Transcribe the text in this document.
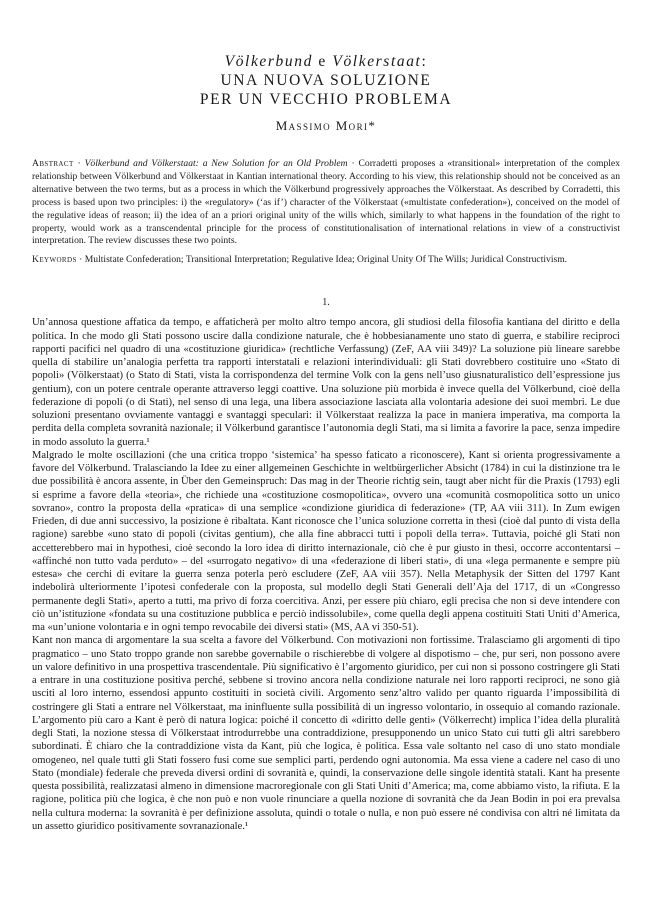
Völkerbund e Völkerstaat:
UNA NUOVA SOLUZIONE
PER UN VECCHIO PROBLEMA
Massimo Mori*
Abstract · Völkerbund and Völkerstaat: a New Solution for an Old Problem · Corradetti proposes a «transitional» interpretation of the complex relationship between Völkerbund and Völkerstaat in Kantian international theory. According to his view, this relationship should not be conceived as an alternative between the two terms, but as a process in which the Völkerbund progressively approaches the Völkerstaat. As described by Corradetti, this process is based upon two principles: i) the «regulatory» (‘as if’) character of the Völkerstaat («multistate confederation»), conceived on the model of the regulative ideas of reason; ii) the idea of an a priori original unity of the wills which, similarly to what happens in the foundation of the right to property, would work as a transcendental principle for the process of constitutionalisation of international relations in view of a constructivist interpretation. The review discusses these two points.
Keywords · Multistate Confederation; Transitional Interpretation; Regulative Idea; Original Unity Of The Wills; Juridical Constructivism.
1.

Un’annosa questione affatica da tempo, e affaticherà per molto altro tempo ancora, gli studiosi della filosofia kantiana del diritto e della politica. In che modo gli Stati possono uscire dalla condizione naturale, che è hobbesianamente uno stato di guerra, e stabilire reciproci rapporti pacifici nel quadro di una «costituzione giuridica» (rechtliche Verfassung) (ZeF, AA viii 349)? La soluzione più lineare sarebbe quella di stabilire un’analogia perfetta tra rapporti interstatali e relazioni interindividuali: gli Stati dovrebbero costituire uno «Stato di popoli» (Völkerstaat) (o Stato di Stati, vista la corrispondenza del termine Volk con la gens nell’uso giusnaturalistico dell’espressione jus gentium), con un potere centrale operante attraverso leggi coattive. Una soluzione più morbida è invece quella del Völkerbund, cioè della federazione di popoli (o di Stati), nel senso di una lega, una libera associazione lasciata alla volontaria adesione dei suoi membri. Le due soluzioni presentano ovviamente vantaggi e svantaggi speculari: il Völkerstaat realizza la pace in maniera imperativa, ma comporta la perdita della completa sovranità nazionale; il Völkerbund garantisce l’autonomia degli Stati, ma si limita a favorire la pace, senza impedire in modo assoluto la guerra.¹

Malgrado le molte oscillazioni (che una critica troppo ‘sistemica’ ha spesso faticato a riconoscere), Kant si orienta progressivamente a favore del Völkerbund. Tralasciando la Idee zu einer allgemeinen Geschichte in weltbürgerlicher Absicht (1784) in cui la distinzione tra le due possibilità è ancora assente, in Über den Gemeinspruch: Das mag in der Theorie richtig sein, taugt aber nicht für die Praxis (1793) egli si esprime a favore della «teoria», che richiede una «costituzione cosmopolitica», ovvero una «comunità cosmopolitica sotto un unico sovrano», contro la proposta della «pratica» di una semplice «condizione giuridica di federazione» (TP, AA viii 311). In Zum ewigen Frieden, di due anni successivo, la posizione è ribaltata. Kant riconosce che l’unica soluzione corretta in thesi (cioè dal punto di vista della ragione) sarebbe «uno stato di popoli (civitas gentium), che alla fine abbracci tutti i popoli della terra». Tuttavia, poiché gli Stati non accetterebbero mai in hypothesi, cioè secondo la loro idea di diritto internazionale, ciò che è pur giusto in thesi, occorre accontentarsi – «affinché non tutto vada perduto» – del «surrogato negativo» di una «federazione di liberi stati», di una «lega permanente e sempre più estesa» che cerchi di evitare la guerra senza poterla però escludere (ZeF, AA viii 357). Nella Metaphysik der Sitten del 1797 Kant indebolirà ulteriormente l’ipotesi confederale con la proposta, sul modello degli Stati Generali dell’Aja del 1717, di un «Congresso permanente degli Stati», aperto a tutti, ma privo di forza coercitiva. Anzi, per essere più chiaro, egli precisa che non si deve intendere con ciò un’istituzione «fondata su una costituzione pubblica e perciò indissolubile», come quella degli appena costituiti Stati Uniti d’America, ma «un’unione volontaria e in ogni tempo revocabile dei diversi stati» (MS, AA vi 350-51).

Kant non manca di argomentare la sua scelta a favore del Völkerbund. Con motivazioni non fortissime. Tralasciamo gli argomenti di tipo pragmatico – uno Stato troppo grande non sarebbe governabile o rischierebbe di volgere al dispotismo – che, pur seri, non possono avere un valore definitivo in una prospettiva trascendentale. Più significativo è l’argomento giuridico, per cui non si possono costringere gli Stati a entrare in una costituzione positiva perché, sebbene si trovino ancora nella condizione naturale nei loro rapporti reciproci, ne sono già usciti al loro interno, essendosi appunto costituiti in società civili. Argomento senz’altro valido per quanto riguarda l’impossibilità di costringere gli Stati a entrare nel Völkerstaat, ma ininfluente sulla possibilità di un ingresso volontario, in ossequio al comando razionale. L’argomento più caro a Kant è però di natura logica: poiché il concetto di «diritto delle genti» (Völkerrecht) implica l’idea della pluralità degli Stati, la nozione stessa di Völkerstaat introdurrebbe una contraddizione, presupponendo un unico Stato cui tutti gli altri sarebbero subordinati. È chiaro che la contraddizione vista da Kant, più che logica, è politica. Essa vale soltanto nel caso di uno stato mondiale omogeneo, nel quale tutti gli Stati fossero fusi come sue semplici parti, perdendo ogni autonomia. Ma essa viene a cadere nel caso di uno Stato (mondiale) federale che preveda diversi ordini di sovranità e, quindi, la conservazione delle singole identità statali. Kant ha presente questa possibilità, realizzatasi almeno in dimensione macroregionale con gli Stati Uniti d’America; ma, come abbiamo visto, la rifiuta. E la ragione, politica più che logica, è che non può e non vuole rinunciare a quella nozione di sovranità che da Jean Bodin in poi era prevalsa nella cultura moderna: la sovranità è per definizione assoluta, quindi o totale o nulla, e non può essere né condivisa con altri né limitata da un assetto giuridico positivamente sovranazionale.¹
